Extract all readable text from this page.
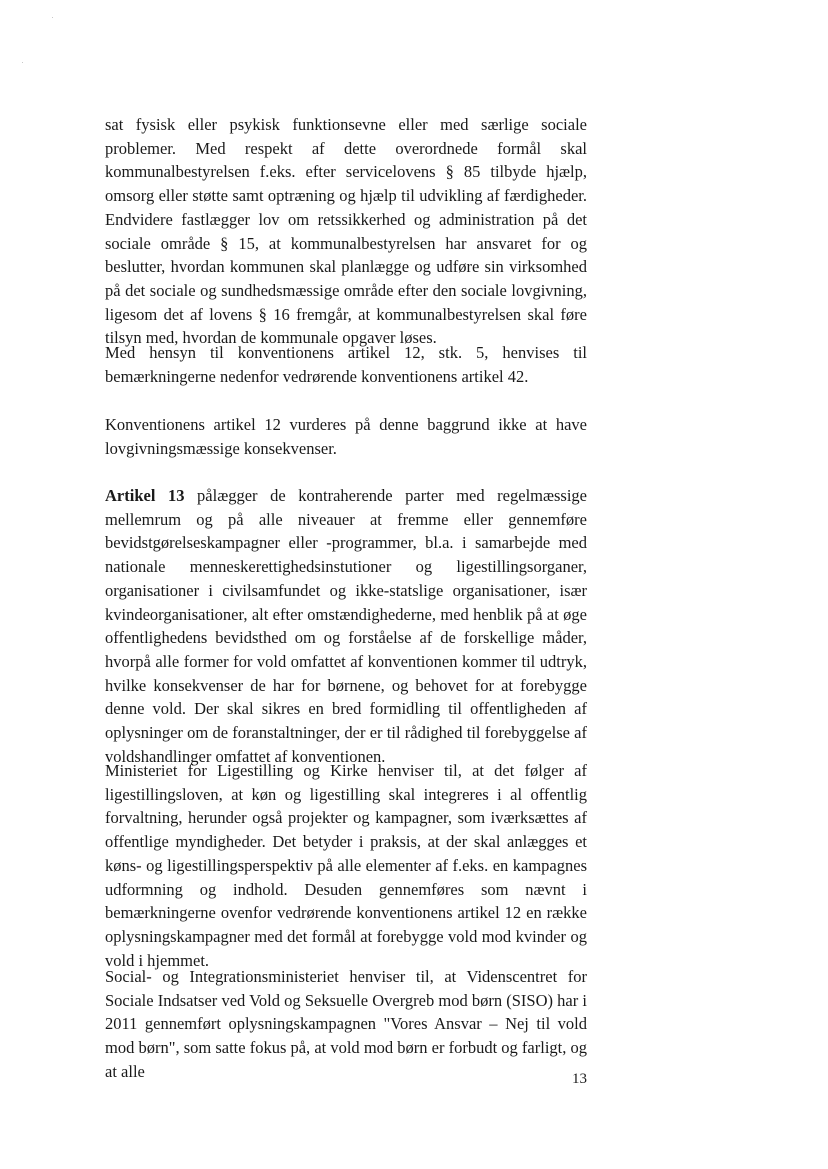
sat fysisk eller psykisk funktionsevne eller med særlige sociale problemer. Med respekt af dette overordnede formål skal kommunalbestyrelsen f.eks. efter servicelovens § 85 tilbyde hjælp, omsorg eller støtte samt optræning og hjælp til udvikling af færdigheder. Endvidere fastlægger lov om retssikkerhed og administration på det sociale område § 15, at kommunalbestyrelsen har ansvaret for og beslutter, hvordan kommunen skal planlægge og udføre sin virksomhed på det sociale og sundhedsmæssige område efter den sociale lovgivning, ligesom det af lovens § 16 fremgår, at kommunalbestyrelsen skal føre tilsyn med, hvordan de kommunale opgaver løses.

Med hensyn til konventionens artikel 12, stk. 5, henvises til bemærkningerne nedenfor vedrørende konventionens artikel 42.

Konventionens artikel 12 vurderes på denne baggrund ikke at have lovgivningsmæssige konsekvenser.

Artikel 13 pålægger de kontraherende parter med regelmæssige mellemrum og på alle niveauer at fremme eller gennemføre bevidstgørelseskampagner eller -programmer, bl.a. i samarbejde med nationale menneskerettighedsinstutioner og ligestillingsorganer, organisationer i civilsamfundet og ikke-statslige organisationer, især kvindeorganisationer, alt efter omstændighederne, med henblik på at øge offentlighedens bevidsthed om og forståelse af de forskellige måder, hvorpå alle former for vold omfattet af konventionen kommer til udtryk, hvilke konsekvenser de har for børnene, og behovet for at forebygge denne vold. Der skal sikres en bred formidling til offentligheden af oplysninger om de foranstaltninger, der er til rådighed til forebyggelse af voldshandlinger omfattet af konventionen.

Ministeriet for Ligestilling og Kirke henviser til, at det følger af ligestillingsloven, at køn og ligestilling skal integreres i al offentlig forvaltning, herunder også projekter og kampagner, som iværksættes af offentlige myndigheder. Det betyder i praksis, at der skal anlægges et køns- og ligestillingsperspektiv på alle elementer af f.eks. en kampagnes udformning og indhold. Desuden gennemføres som nævnt i bemærkningerne ovenfor vedrørende konventionens artikel 12 en række oplysningskampagner med det formål at forebygge vold mod kvinder og vold i hjemmet.

Social- og Integrationsministeriet henviser til, at Videnscentret for Sociale Indsatser ved Vold og Seksuelle Overgreb mod børn (SISO) har i 2011 gennemført oplysningskampagnen "Vores Ansvar – Nej til vold mod børn", som satte fokus på, at vold mod børn er forbudt og farligt, og at alle	13
